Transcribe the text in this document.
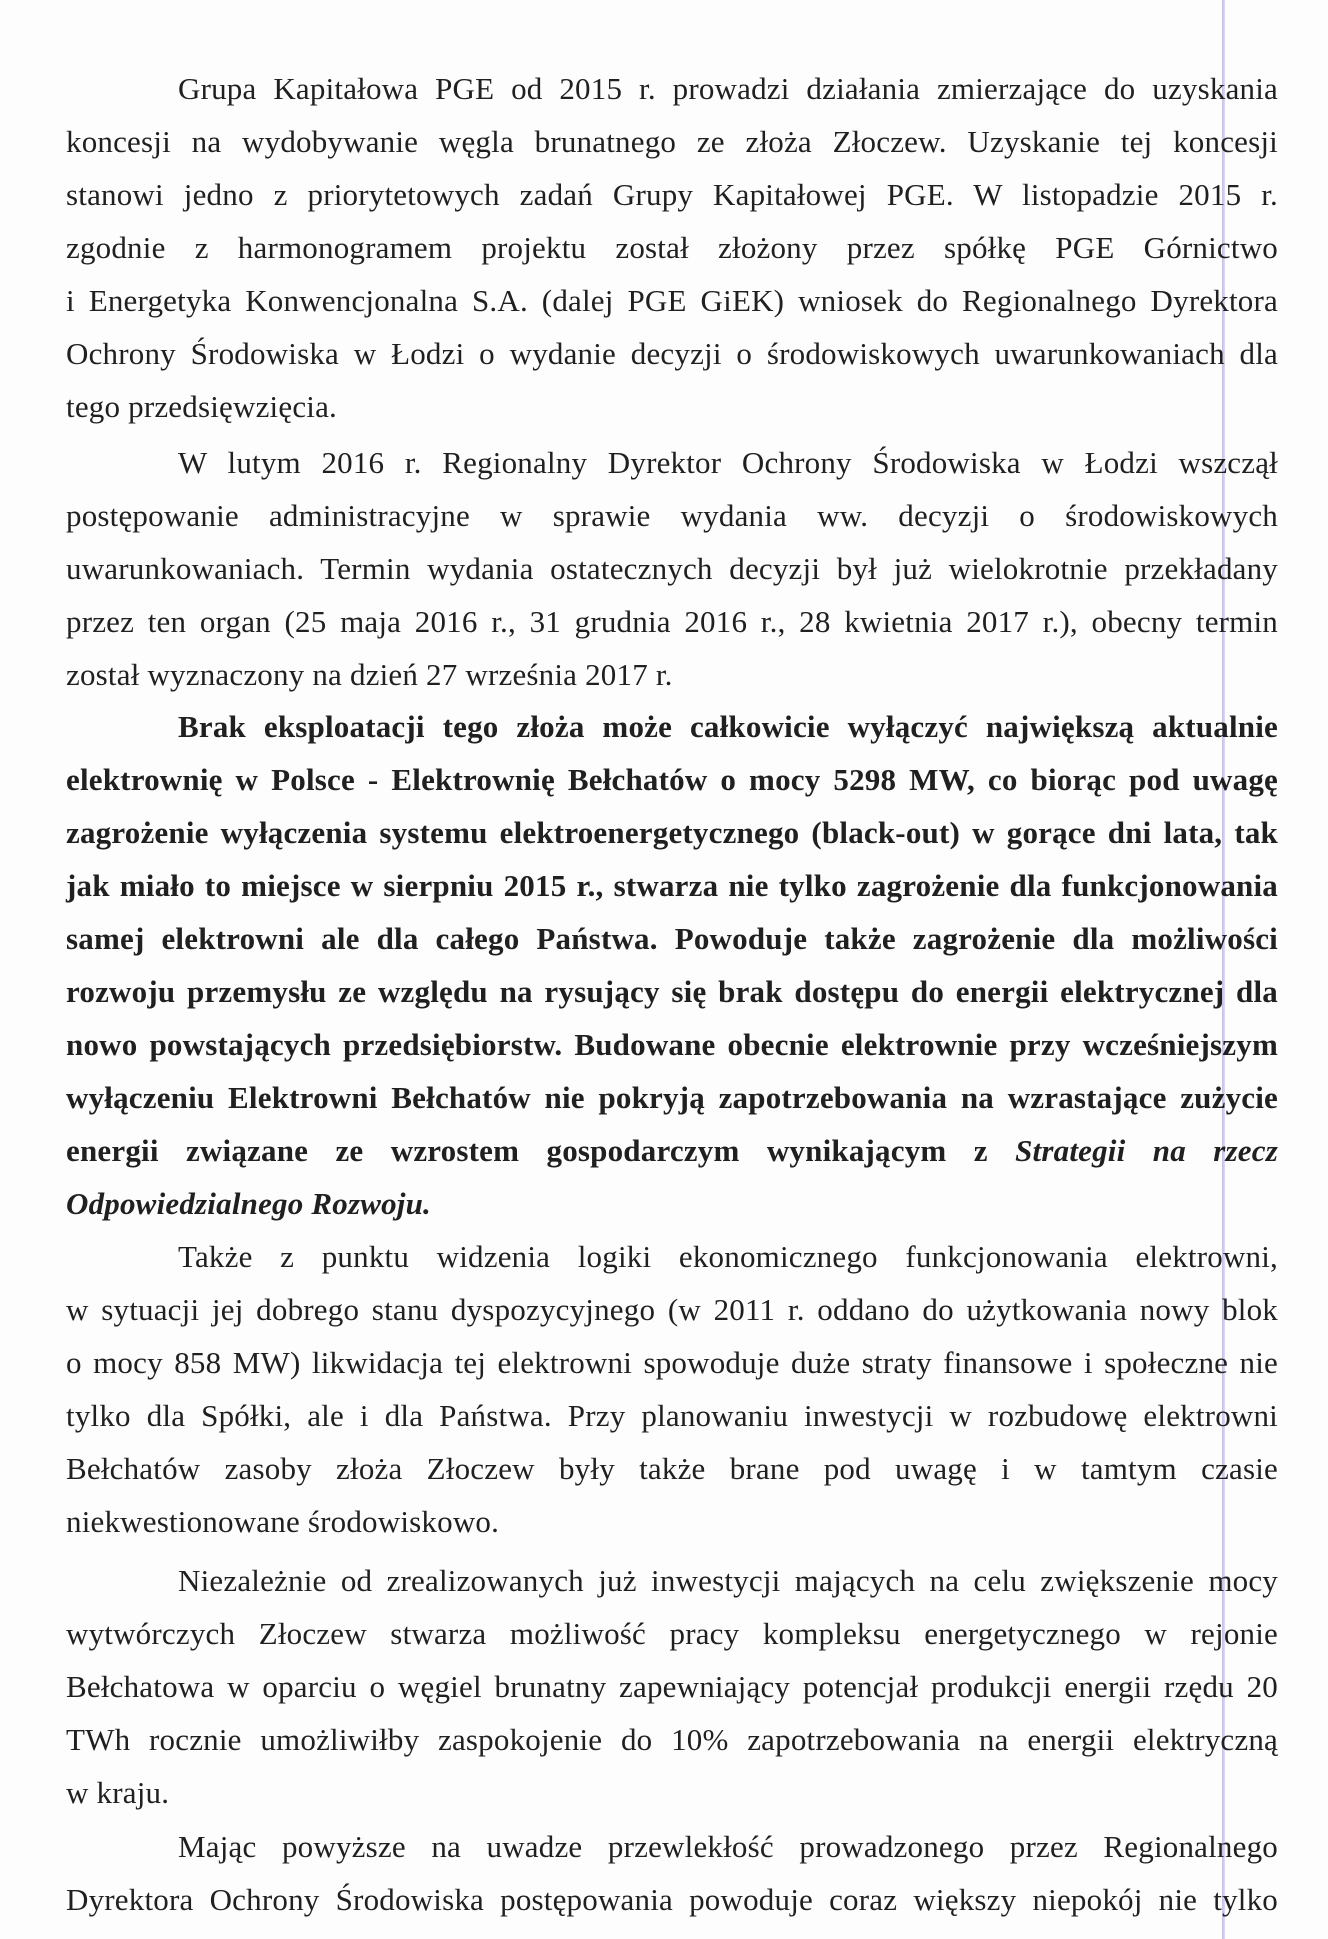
Grupa Kapitałowa PGE od 2015 r. prowadzi działania zmierzające do uzyskania
koncesji na wydobywanie węgla brunatnego ze złoża Złoczew. Uzyskanie tej koncesji
stanowi jedno z priorytetowych zadań Grupy Kapitałowej PGE. W listopadzie 2015 r.
zgodnie z harmonogramem projektu został złożony przez spółkę PGE Górnictwo
i Energetyka Konwencjonalna S.A. (dalej PGE GiEK) wniosek do Regionalnego Dyrektora
Ochrony Środowiska w Łodzi o wydanie decyzji o środowiskowych uwarunkowaniach dla
tego przedsięwzięcia.
W lutym 2016 r. Regionalny Dyrektor Ochrony Środowiska w Łodzi wszczął
postępowanie administracyjne w sprawie wydania ww. decyzji o środowiskowych
uwarunkowaniach. Termin wydania ostatecznych decyzji był już wielokrotnie przekładany
przez ten organ (25 maja 2016 r., 31 grudnia 2016 r., 28 kwietnia 2017 r.), obecny termin
został wyznaczony na dzień 27 września 2017 r.
Brak eksploatacji tego złoża może całkowicie wyłączyć największą aktualnie
elektrownię w Polsce - Elektrownię Bełchatów o mocy 5298 MW, co biorąc pod uwagę
zagrożenie wyłączenia systemu elektroenergetycznego (black-out) w gorące dni lata, tak
jak miało to miejsce w sierpniu 2015 r., stwarza nie tylko zagrożenie dla funkcjonowania
samej elektrowni ale dla całego Państwa. Powoduje także zagrożenie dla możliwości
rozwoju przemysłu ze względu na rysujący się brak dostępu do energii elektrycznej dla
nowo powstających przedsiębiorstw. Budowane obecnie elektrownie przy wcześniejszym
wyłączeniu Elektrowni Bełchatów nie pokryją zapotrzebowania na wzrastające zużycie
energii związane ze wzrostem gospodarczym wynikającym z Strategii na rzecz
Odpowiedzialnego Rozwoju.
Także z punktu widzenia logiki ekonomicznego funkcjonowania elektrowni,
w sytuacji jej dobrego stanu dyspozycyjnego (w 2011 r. oddano do użytkowania nowy blok
o mocy 858 MW) likwidacja tej elektrowni spowoduje duże straty finansowe i społeczne nie
tylko dla Spółki, ale i dla Państwa. Przy planowaniu inwestycji w rozbudowę elektrowni
Bełchatów zasoby złoża Złoczew były także brane pod uwagę i w tamtym czasie
niekwestionowane środowiskowo.
Niezależnie od zrealizowanych już inwestycji mających na celu zwiększenie mocy
wytwórczych Złoczew stwarza możliwość pracy kompleksu energetycznego w rejonie
Bełchatowa w oparciu o węgiel brunatny zapewniający potencjał produkcji energii rzędu 20
TWh rocznie umożliwiłby zaspokojenie do 10% zapotrzebowania na energii elektryczną
w kraju.
Mając powyższe na uwadze przewlekłość prowadzonego przez Regionalnego
Dyrektora Ochrony Środowiska postępowania powoduje coraz większy niepokój nie tylko
